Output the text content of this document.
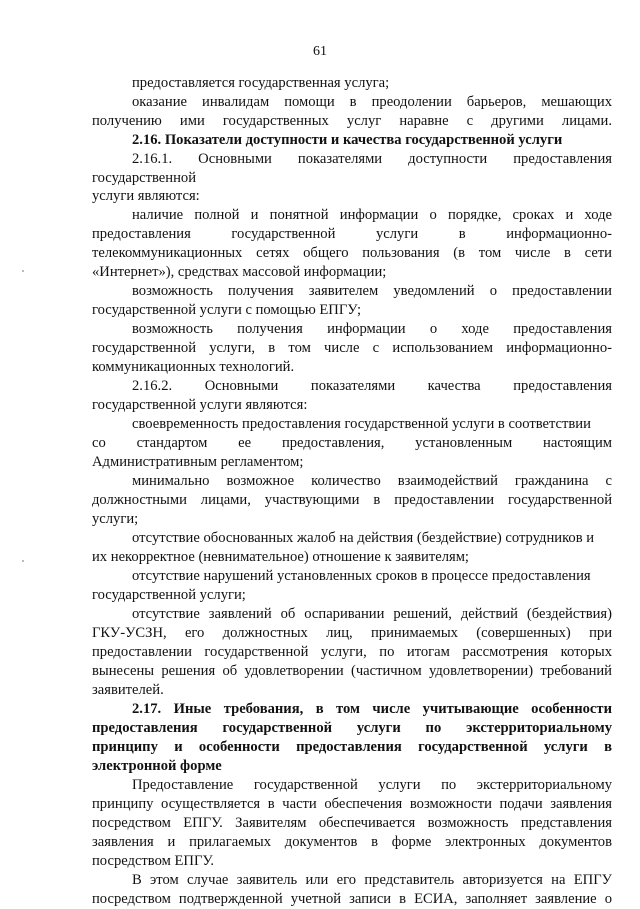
61
предоставляется государственная услуга;
оказание инвалидам помощи в преодолении барьеров, мешающих
получению ими государственных услуг наравне с другими лицами.
2.16. Показатели доступности и качества государственной услуги
2.16.1. Основными показателями доступности предоставления
государственной
услуги являются:
наличие полной и понятной информации о порядке, сроках и ходе
предоставления государственной услуги в информационно-
телекоммуникационных сетях общего пользования (в том числе в сети
«Интернет»), средствах массовой информации;
возможность получения заявителем уведомлений о предоставлении
государственной услуги с помощью ЕПГУ;
возможность получения информации о ходе предоставления
государственной услуги, в том числе с использованием информационно-
коммуникационных технологий.
2.16.2. Основными показателями качества предоставления
государственной услуги являются:
своевременность предоставления государственной услуги в соответствии
со стандартом ее предоставления, установленным настоящим
Административным регламентом;
минимально возможное количество взаимодействий гражданина с
должностными лицами, участвующими в предоставлении государственной
услуги;
отсутствие обоснованных жалоб на действия (бездействие) сотрудников и
их некорректное (невнимательное) отношение к заявителям;
отсутствие нарушений установленных сроков в процессе предоставления
государственной услуги;
отсутствие заявлений об оспаривании решений, действий (бездействия)
ГКУ-УСЗН, его должностных лиц, принимаемых (совершенных) при
предоставлении государственной услуги, по итогам рассмотрения которых
вынесены решения об удовлетворении (частичном удовлетворении) требований
заявителей.
2.17. Иные требования, в том числе учитывающие особенности
предоставления государственной услуги по экстерриториальному
принципу и особенности предоставления государственной услуги в
электронной форме
Предоставление государственной услуги по экстерриториальному
принципу осуществляется в части обеспечения возможности подачи заявления
посредством ЕПГУ. Заявителям обеспечивается возможность представления
заявления и прилагаемых документов в форме электронных документов
посредством ЕПГУ.
В этом случае заявитель или его представитель авторизуется на ЕПГУ
посредством подтвержденной учетной записи в ЕСИА, заполняет заявление о
